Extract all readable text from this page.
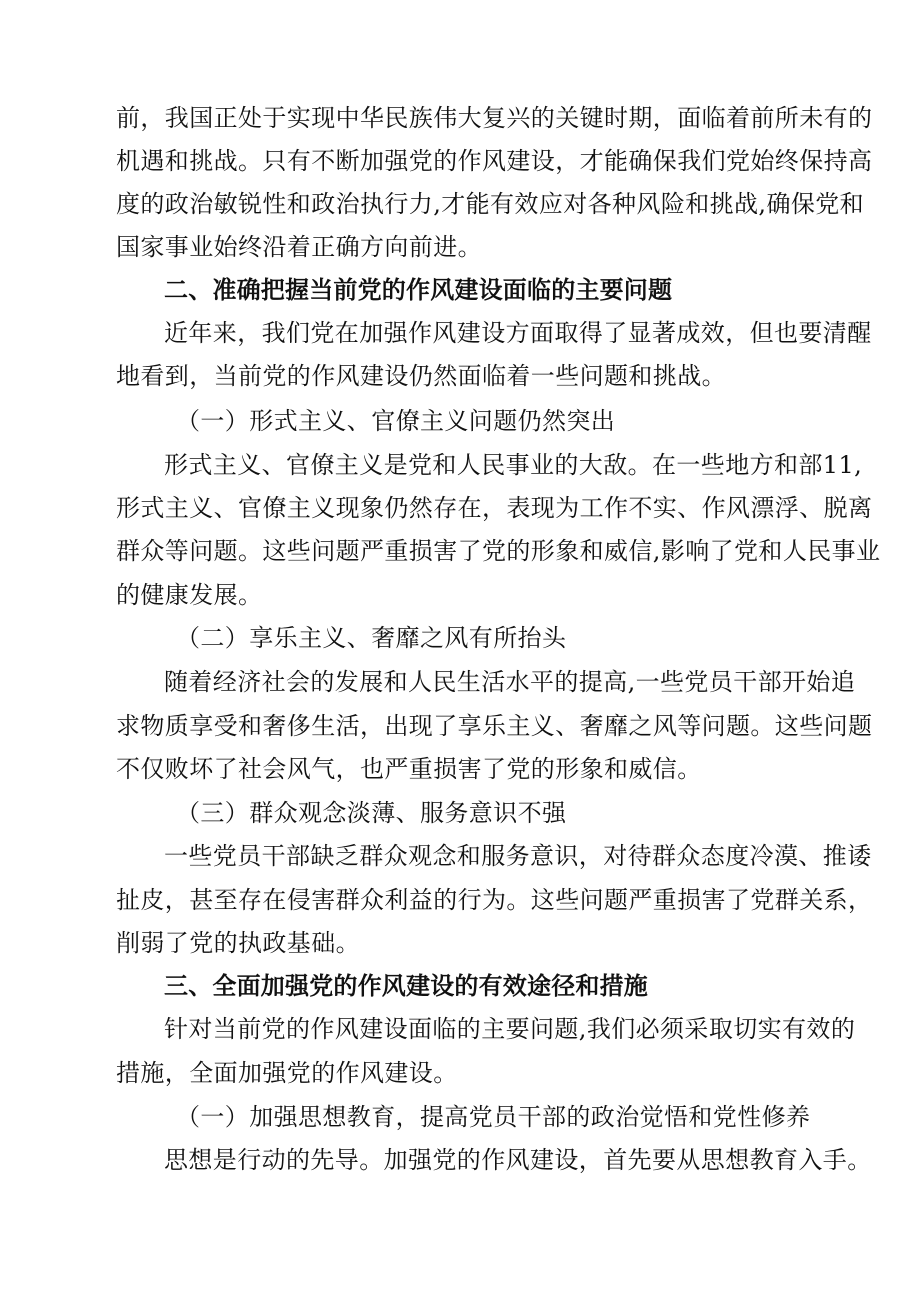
前，我国正处于实现中华民族伟大复兴的关键时期，面临着前所未有的
机遇和挑战。只有不断加强党的作风建设，才能确保我们党始终保持高
度的政治敏锐性和政治执行力,才能有效应对各种风险和挑战,确保党和
国家事业始终沿着正确方向前进。
二、准确把握当前党的作风建设面临的主要问题
近年来，我们党在加强作风建设方面取得了显著成效，但也要清醒
地看到，当前党的作风建设仍然面临着一些问题和挑战。
（一）形式主义、官僚主义问题仍然突出
形式主义、官僚主义是党和人民事业的大敌。在一些地方和部11,
形式主义、官僚主义现象仍然存在，表现为工作不实、作风漂浮、脱离
群众等问题。这些问题严重损害了党的形象和威信,影响了党和人民事业
的健康发展。
（二）享乐主义、奢靡之风有所抬头
随着经济社会的发展和人民生活水平的提高,一些党员干部开始追
求物质享受和奢侈生活，出现了享乐主义、奢靡之风等问题。这些问题
不仅败坏了社会风气，也严重损害了党的形象和威信。
（三）群众观念淡薄、服务意识不强
一些党员干部缺乏群众观念和服务意识，对待群众态度冷漠、推诿
扯皮，甚至存在侵害群众利益的行为。这些问题严重损害了党群关系，
削弱了党的执政基础。
三、全面加强党的作风建设的有效途径和措施
针对当前党的作风建设面临的主要问题,我们必须采取切实有效的
措施，全面加强党的作风建设。
（一）加强思想教育，提高党员干部的政治觉悟和党性修养
思想是行动的先导。加强党的作风建设，首先要从思想教育入手。
